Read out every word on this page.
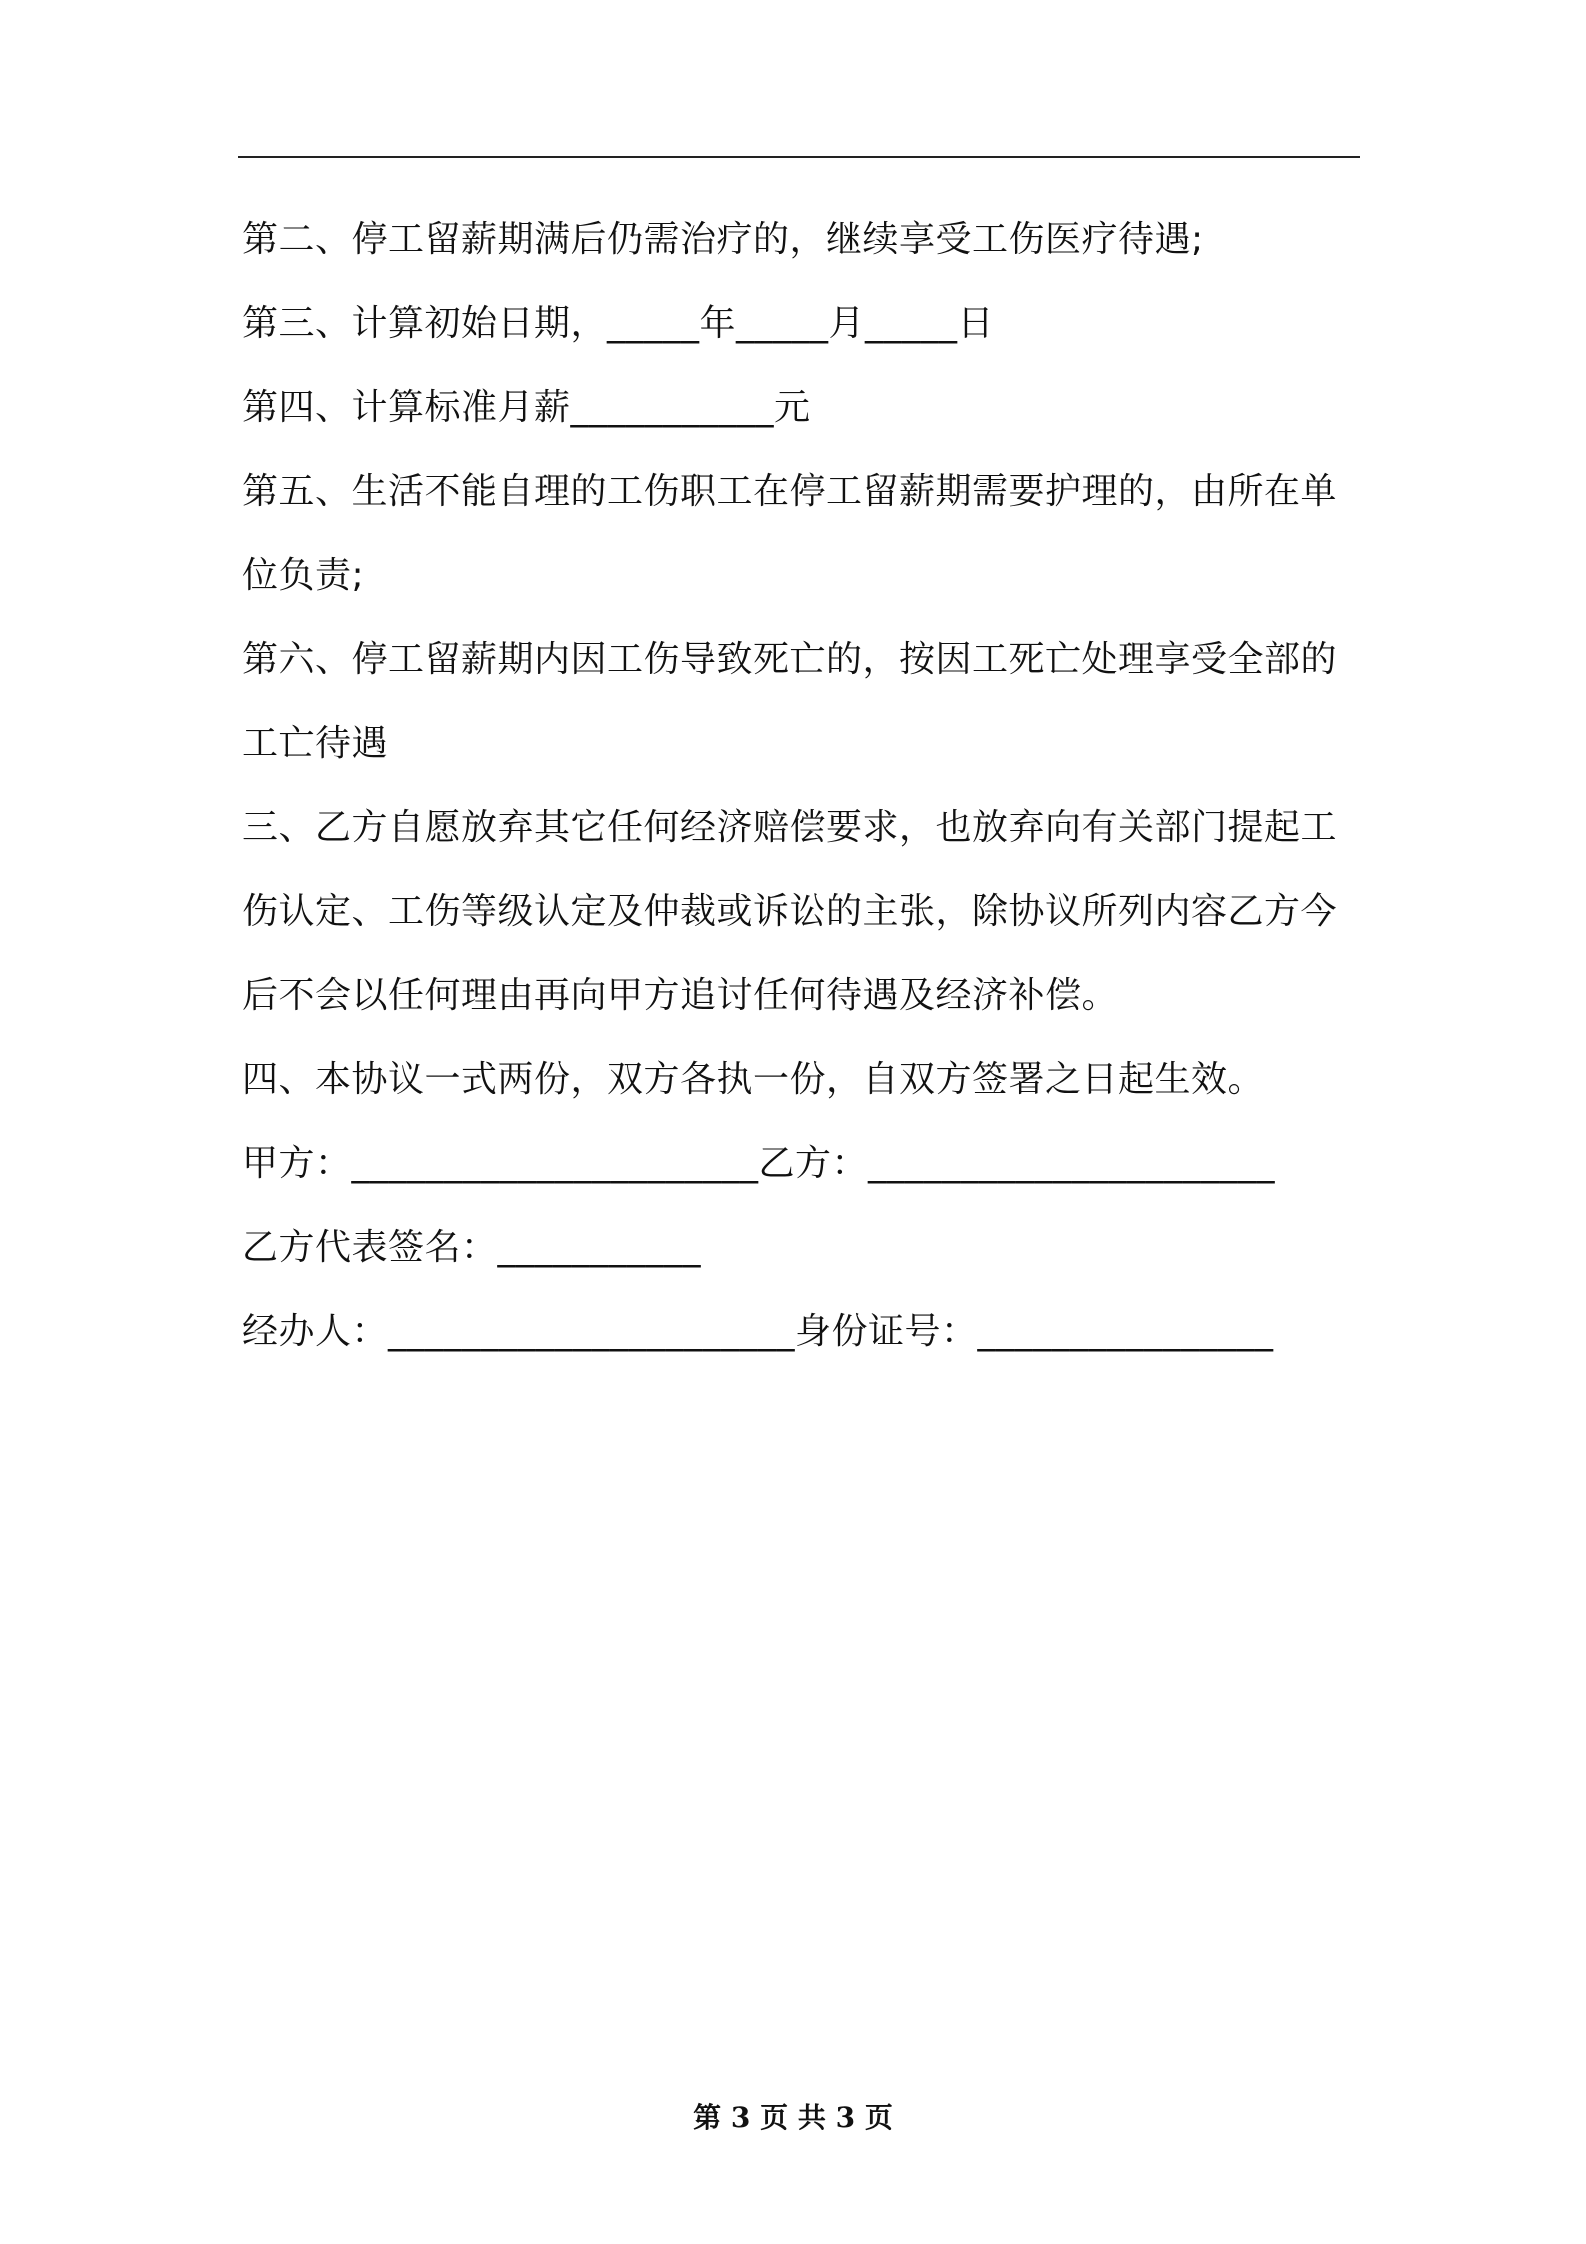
第二、停工留薪期满后仍需治疗的，继续享受工伤医疗待遇;
第三、计算初始日期，_____年_____月_____日
第四、计算标准月薪___________元
第五、生活不能自理的工伤职工在停工留薪期需要护理的，由所在单
位负责;
第六、停工留薪期内因工伤导致死亡的，按因工死亡处理享受全部的
工亡待遇
三、乙方自愿放弃其它任何经济赔偿要求，也放弃向有关部门提起工
伤认定、工伤等级认定及仲裁或诉讼的主张，除协议所列内容乙方今
后不会以任何理由再向甲方追讨任何待遇及经济补偿。
四、本协议一式两份，双方各执一份，自双方签署之日起生效。
甲方：______________________乙方：______________________
乙方代表签名：___________
经办人：______________________身份证号：________________
第 3 页 共 3 页
